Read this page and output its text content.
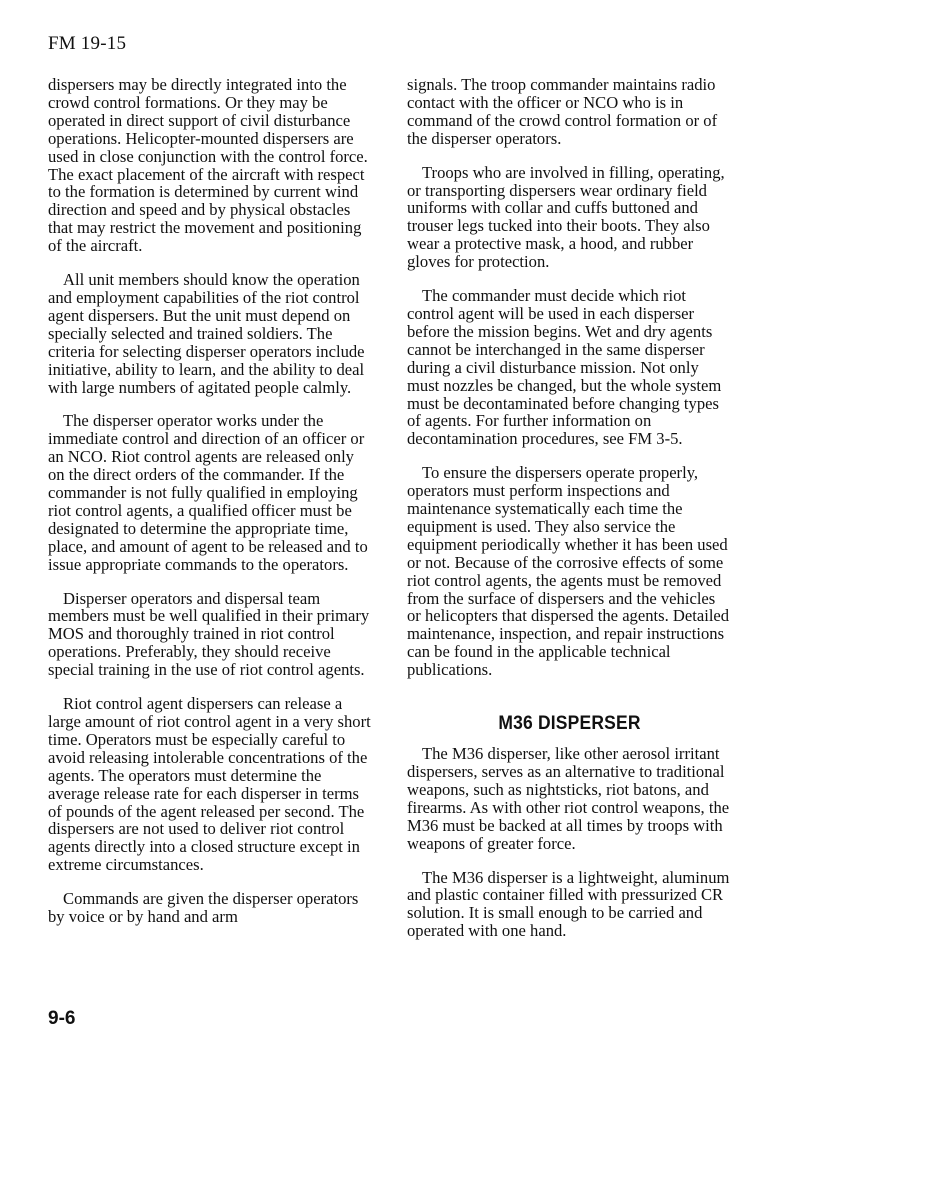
FM 19-15

dispersers may be directly integrated into the crowd control formations. Or they may be operated in direct support of civil disturbance operations. Helicopter-mounted dispersers are used in close conjunction with the control force. The exact placement of the aircraft with respect to the formation is determined by current wind direction and speed and by physical obstacles that may restrict the movement and positioning of the aircraft.

All unit members should know the operation and employment capabilities of the riot control agent dispersers. But the unit must depend on specially selected and trained soldiers. The criteria for selecting disperser operators include initiative, ability to learn, and the ability to deal with large numbers of agitated people calmly.

The disperser operator works under the immediate control and direction of an officer or an NCO. Riot control agents are released only on the direct orders of the commander. If the commander is not fully qualified in employing riot control agents, a qualified officer must be designated to determine the appropriate time, place, and amount of agent to be released and to issue appropriate commands to the operators.

Disperser operators and dispersal team members must be well qualified in their primary MOS and thoroughly trained in riot control operations. Preferably, they should receive special training in the use of riot control agents.

Riot control agent dispersers can release a large amount of riot control agent in a very short time. Operators must be especially careful to avoid releasing intolerable concentrations of the agents. The operators must determine the average release rate for each disperser in terms of pounds of the agent released per second. The dispersers are not used to deliver riot control agents directly into a closed structure except in extreme circumstances.

Commands are given the disperser operators by voice or by hand and arm

signals. The troop commander maintains radio contact with the officer or NCO who is in command of the crowd control formation or of the disperser operators.

Troops who are involved in filling, operating, or transporting dispersers wear ordinary field uniforms with collar and cuffs buttoned and trouser legs tucked into their boots. They also wear a protective mask, a hood, and rubber gloves for protection.

The commander must decide which riot control agent will be used in each disperser before the mission begins. Wet and dry agents cannot be interchanged in the same disperser during a civil disturbance mission. Not only must nozzles be changed, but the whole system must be decontaminated before changing types of agents. For further information on decontamination procedures, see FM 3-5.

To ensure the dispersers operate properly, operators must perform inspections and maintenance systematically each time the equipment is used. They also service the equipment periodically whether it has been used or not. Because of the corrosive effects of some riot control agents, the agents must be removed from the surface of dispersers and the vehicles or helicopters that dispersed the agents. Detailed maintenance, inspection, and repair instructions can be found in the applicable technical publications.

M36 DISPERSER

The M36 disperser, like other aerosol irritant dispersers, serves as an alternative to traditional weapons, such as nightsticks, riot batons, and firearms. As with other riot control weapons, the M36 must be backed at all times by troops with weapons of greater force.

The M36 disperser is a lightweight, aluminum and plastic container filled with pressurized CR solution. It is small enough to be carried and operated with one hand.

9-6
